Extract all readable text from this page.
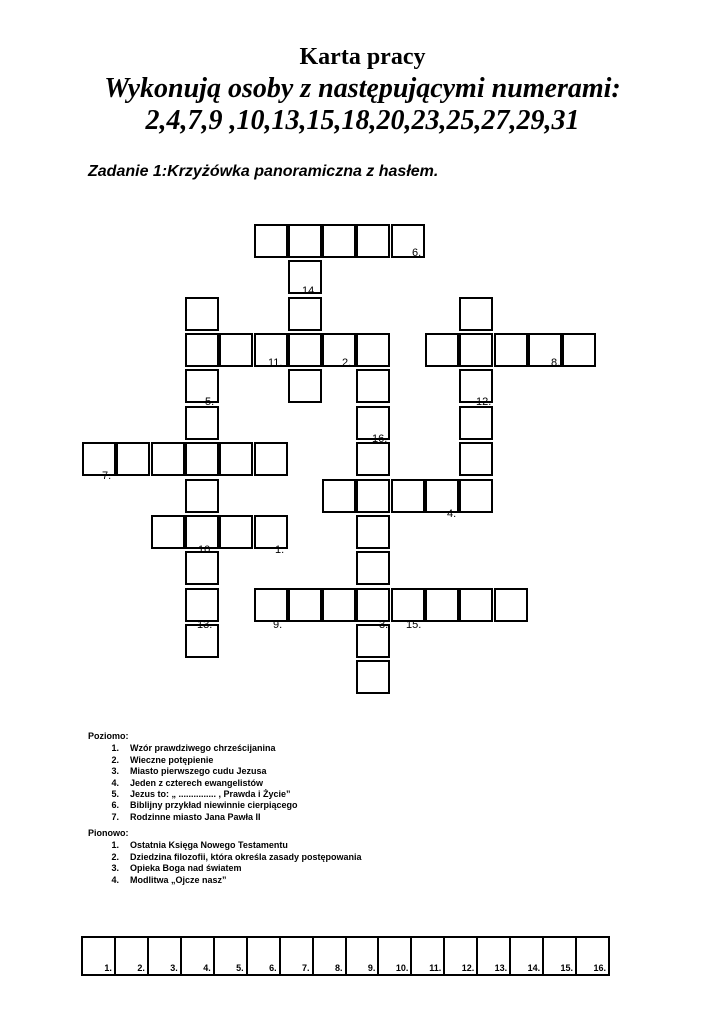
Karta pracy
Wykonują osoby z następującymi numerami:
2,4,7,9 ,10,13,15,18,20,23,25,27,29,31
Zadanie 1:Krzyżówka panoramiczna z hasłem.
6.
14.
11.	2.	8.
5.	12.
16.
7.
4.
10.	1.
13.	9.	3. 15.
Poziomo:
1. Wzór prawdziwego chrześcijanina
2. Wieczne potępienie
3. Miasto pierwszego cudu Jezusa
4. Jeden z czterech ewangelistów
5. Jezus to: „ ............... , Prawda i Życie”
6. Biblijny przykład niewinnie cierpiącego
7. Rodzinne miasto Jana Pawła II
Pionowo:
1. Ostatnia Księga Nowego Testamentu
2. Dziedzina filozofii, która określa zasady postępowania
3. Opieka Boga nad światem
4. Modlitwa „Ojcze nasz”
1.	2.	3.	4.	5.	6.	7.	8.	9. 10. 11. 12. 13. 14. 15. 16.
